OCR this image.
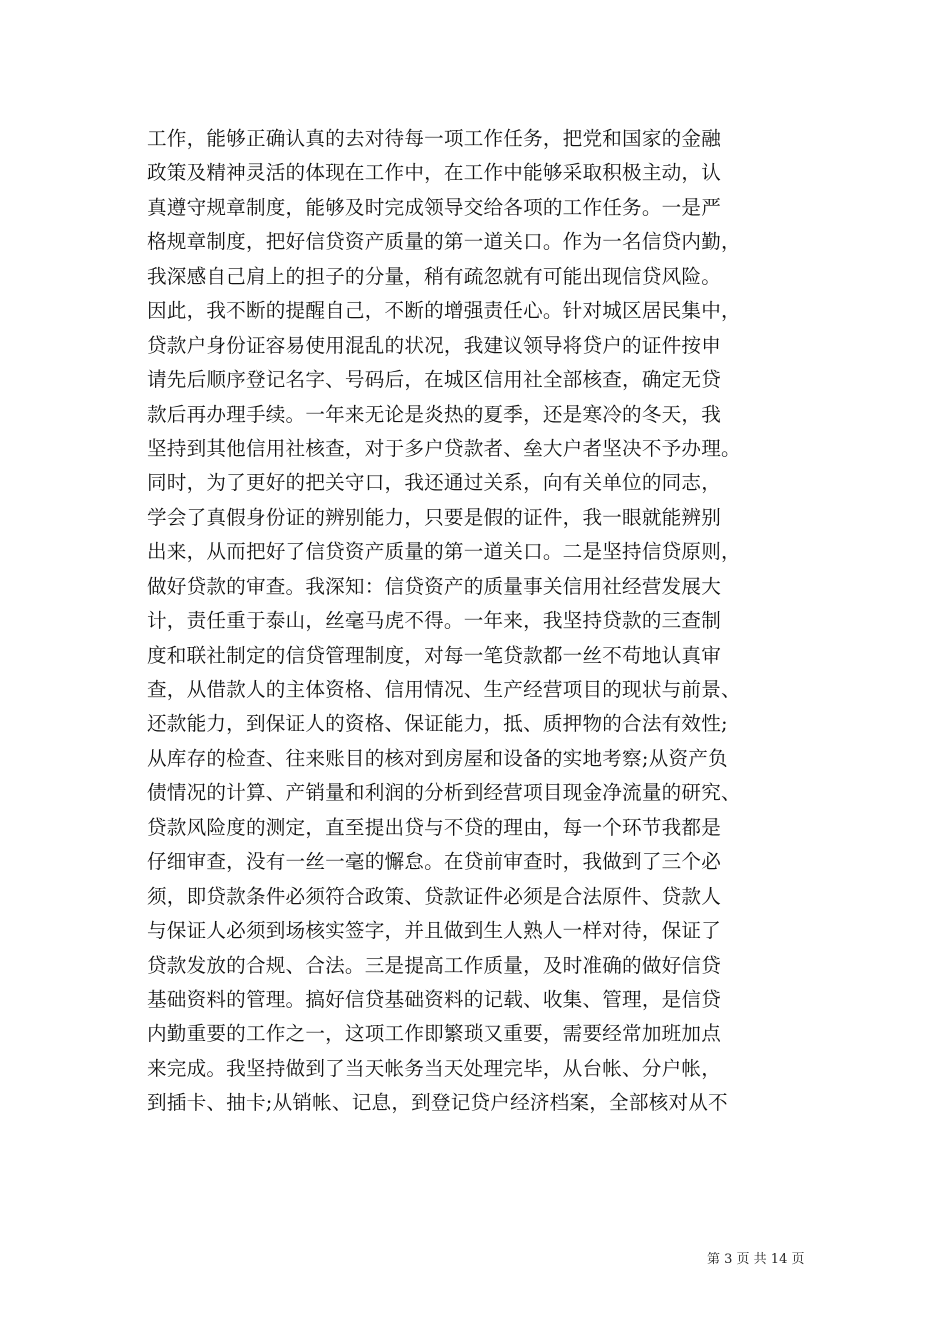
工作，能够正确认真的去对待每一项工作任务，把党和国家的金融
政策及精神灵活的体现在工作中，在工作中能够采取积极主动，认
真遵守规章制度，能够及时完成领导交给各项的工作任务。一是严
格规章制度，把好信贷资产质量的第一道关口。作为一名信贷内勤，
我深感自己肩上的担子的分量，稍有疏忽就有可能出现信贷风险。
因此，我不断的提醒自己，不断的增强责任心。针对城区居民集中，
贷款户身份证容易使用混乱的状况，我建议领导将贷户的证件按申
请先后顺序登记名字、号码后，在城区信用社全部核查，确定无贷
款后再办理手续。一年来无论是炎热的夏季，还是寒冷的冬天，我
坚持到其他信用社核查，对于多户贷款者、垒大户者坚决不予办理。
同时，为了更好的把关守口，我还通过关系，向有关单位的同志，
学会了真假身份证的辨别能力，只要是假的证件，我一眼就能辨别
出来，从而把好了信贷资产质量的第一道关口。二是坚持信贷原则，
做好贷款的审查。我深知：信贷资产的质量事关信用社经营发展大
计，责任重于泰山，丝毫马虎不得。一年来，我坚持贷款的三查制
度和联社制定的信贷管理制度，对每一笔贷款都一丝不苟地认真审
查，从借款人的主体资格、信用情况、生产经营项目的现状与前景、
还款能力，到保证人的资格、保证能力，抵、质押物的合法有效性;
从库存的检查、往来账目的核对到房屋和设备的实地考察;从资产负
债情况的计算、产销量和利润的分析到经营项目现金净流量的研究、
贷款风险度的测定，直至提出贷与不贷的理由，每一个环节我都是
仔细审查，没有一丝一毫的懈怠。在贷前审查时，我做到了三个必
须，即贷款条件必须符合政策、贷款证件必须是合法原件、贷款人
与保证人必须到场核实签字，并且做到生人熟人一样对待，保证了
贷款发放的合规、合法。三是提高工作质量，及时准确的做好信贷
基础资料的管理。搞好信贷基础资料的记载、收集、管理，是信贷
内勤重要的工作之一，这项工作即繁琐又重要，需要经常加班加点
来完成。我坚持做到了当天帐务当天处理完毕，从台帐、分户帐，
到插卡、抽卡;从销帐、记息，到登记贷户经济档案，全部核对从不
第 3 页 共 14 页
